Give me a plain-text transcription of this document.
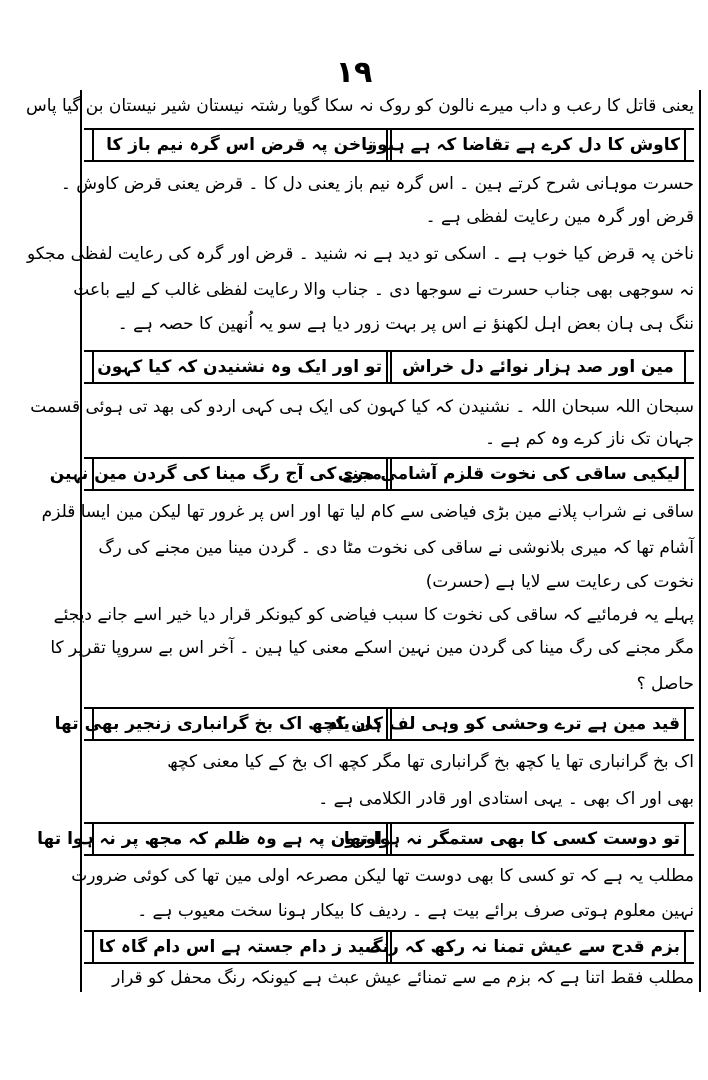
١٩
یعنی قاتل کا رعب و داب میرے نالون کو روک نہ سکا گویا رشتہ نیستان شیر نیستان بن گیا پاس
کاوش کا دل کرے ہے تقاضا کہ ہے ہنوز
ناخن پہ قرض اس گرہ نیم باز کا
حسرت موہانی شرح کرتے ہین ۔ اس گرہ نیم باز یعنی دل کا ۔ قرض یعنی قرض کاوش ۔
قرض اور گرہ مین رعایت لفظی ہے ۔
ناخن پہ قرض کیا خوب ہے ۔ اسکی تو دید ہے نہ شنید ۔ قرض اور گرہ کی رعایت لفظی مجکو
نہ سوجھی بھی جناب حسرت نے سوجھا دی ۔ جناب والا رعایت لفظی غالب کے لیے باعث
ننگ ہی ہان بعض اہل لکھنؤ نے اس پر بہت زور دیا ہے سو یہ اُنھین کا حصہ ہے ۔
مین اور صد ہزار نوائے دل خراش
تو اور ایک وہ نشنیدن کہ کیا کہون
سبحان اللہ سبحان اللہ ۔ نشنیدن کہ کیا کہون کی ایک ہی کہی اردو کی بھد تی ہوئی قسمت
جہان تک ناز کرے وہ کم ہے ۔
لیکیی ساقی کی نخوت قلزم آشامی مری
مجنے کی آج رگ مینا کی گردن مین نہین
ساقی نے شراب پلانے مین بڑی فیاضی سے کام لیا تھا اور اس پر غرور تھا لیکن مین ایسا قلزم
آشام تھا کہ میری بلانوشی نے ساقی کی نخوت مٹا دی ۔ گردن مینا مین مجنے کی رگ
نخوت کی رعایت سے لایا ہے (حسرت)
پہلے یہ فرمائیے کہ ساقی کی نخوت کا سبب فیاضی کو کیونکر قرار دیا خیر اسے جانے دیجئے
مگر مجنے کی رگ مینا کی گردن مین نہین اسکے معنی کیا ہین ۔ آخر اس بے سروپا تقریر کا
حاصل ؟
قید مین ہے ترے وحشی کو وہی لف کی یاد
ہان کچھ اک بخ گرانباری زنجیر بھی تھا
اک بخ گرانباری تھا یا کچھ بخ گرانباری تھا مگر کچھ اک بخ کے کیا معنی کچھ
بھی اور اک بھی ۔ یہی استادی اور قادر الکلامی ہے ۔
تو دوست کسی کا بھی ستمگر نہ ہوا تھا
اورون پہ ہے وہ ظلم کہ مجھ پر نہ ہوا تھا
مطلب یہ ہے کہ تو کسی کا بھی دوست تھا لیکن مصرعہ اولی مین تھا کی کوئی ضرورت
نہین معلوم ہوتی صرف برائے بیت ہے ۔ ردیف کا بیکار ہونا سخت معیوب ہے ۔
بزم قدح سے عیش تمنا نہ رکھ کہ رنگ
صید ز دام جستہ ہے اس دام گاہ کا
مطلب فقط اتنا ہے کہ بزم مے سے تمنائے عیش عبث ہے کیونکہ رنگ محفل کو قرار
